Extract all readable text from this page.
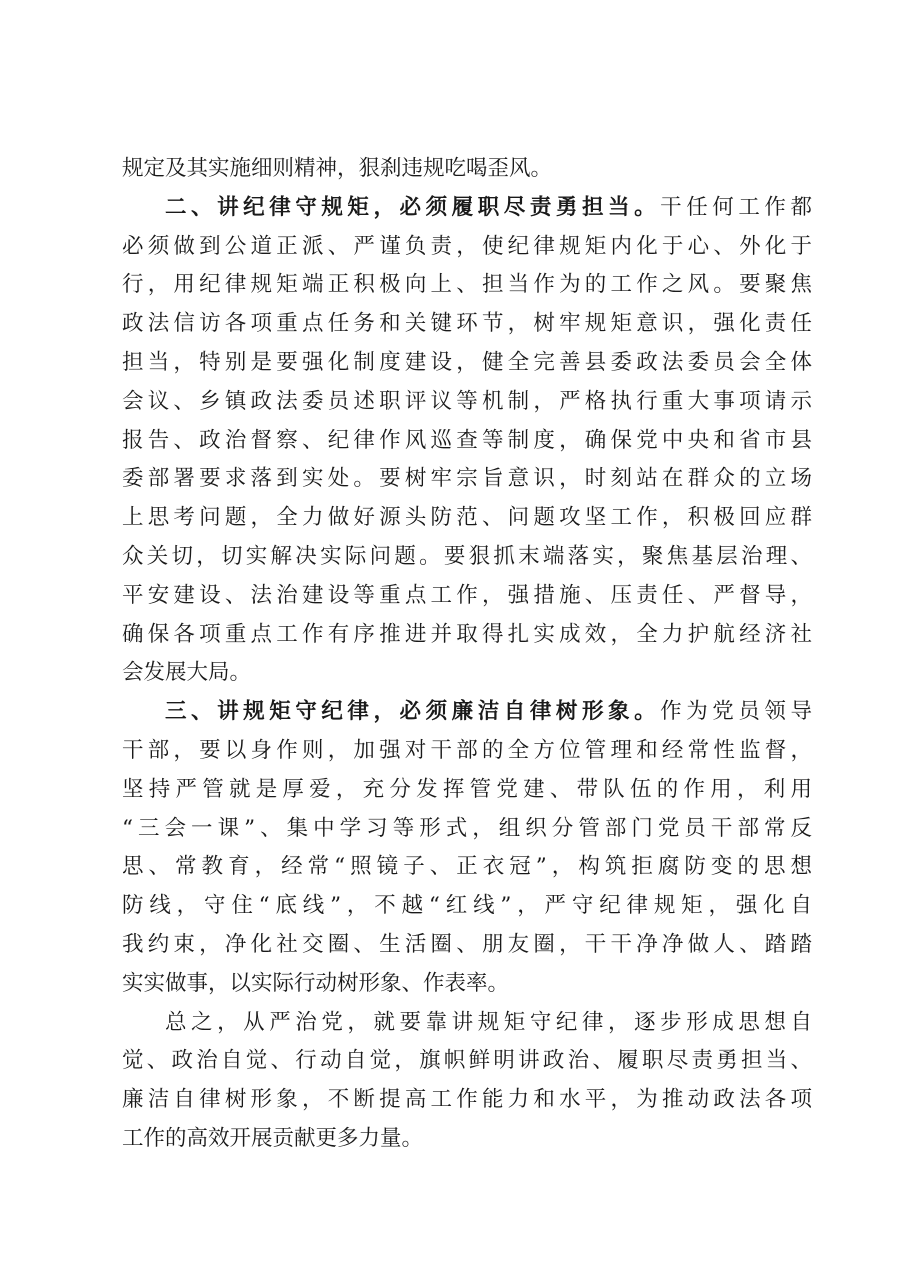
规定及其实施细则精神，狠刹违规吃喝歪风。
二、讲纪律守规矩，必须履职尽责勇担当。干任何工作都
必须做到公道正派、严谨负责，使纪律规矩内化于心、外化于
行，用纪律规矩端正积极向上、担当作为的工作之风。要聚焦
政法信访各项重点任务和关键环节，树牢规矩意识，强化责任
担当，特别是要强化制度建设，健全完善县委政法委员会全体
会议、乡镇政法委员述职评议等机制，严格执行重大事项请示
报告、政治督察、纪律作风巡查等制度，确保党中央和省市县
委部署要求落到实处。要树牢宗旨意识，时刻站在群众的立场
上思考问题，全力做好源头防范、问题攻坚工作，积极回应群
众关切，切实解决实际问题。要狠抓末端落实，聚焦基层治理、
平安建设、法治建设等重点工作，强措施、压责任、严督导，
确保各项重点工作有序推进并取得扎实成效，全力护航经济社
会发展大局。
三、讲规矩守纪律，必须廉洁自律树形象。作为党员领导
干部，要以身作则，加强对干部的全方位管理和经常性监督，
坚持严管就是厚爱，充分发挥管党建、带队伍的作用，利用
“三会一课”、集中学习等形式，组织分管部门党员干部常反
思、常教育，经常“照镜子、正衣冠”，构筑拒腐防变的思想
防线，守住“底线”，不越“红线”，严守纪律规矩，强化自
我约束，净化社交圈、生活圈、朋友圈，干干净净做人、踏踏
实实做事，以实际行动树形象、作表率。
总之，从严治党，就要靠讲规矩守纪律，逐步形成思想自
觉、政治自觉、行动自觉，旗帜鲜明讲政治、履职尽责勇担当、
廉洁自律树形象，不断提高工作能力和水平，为推动政法各项
工作的高效开展贡献更多力量。
